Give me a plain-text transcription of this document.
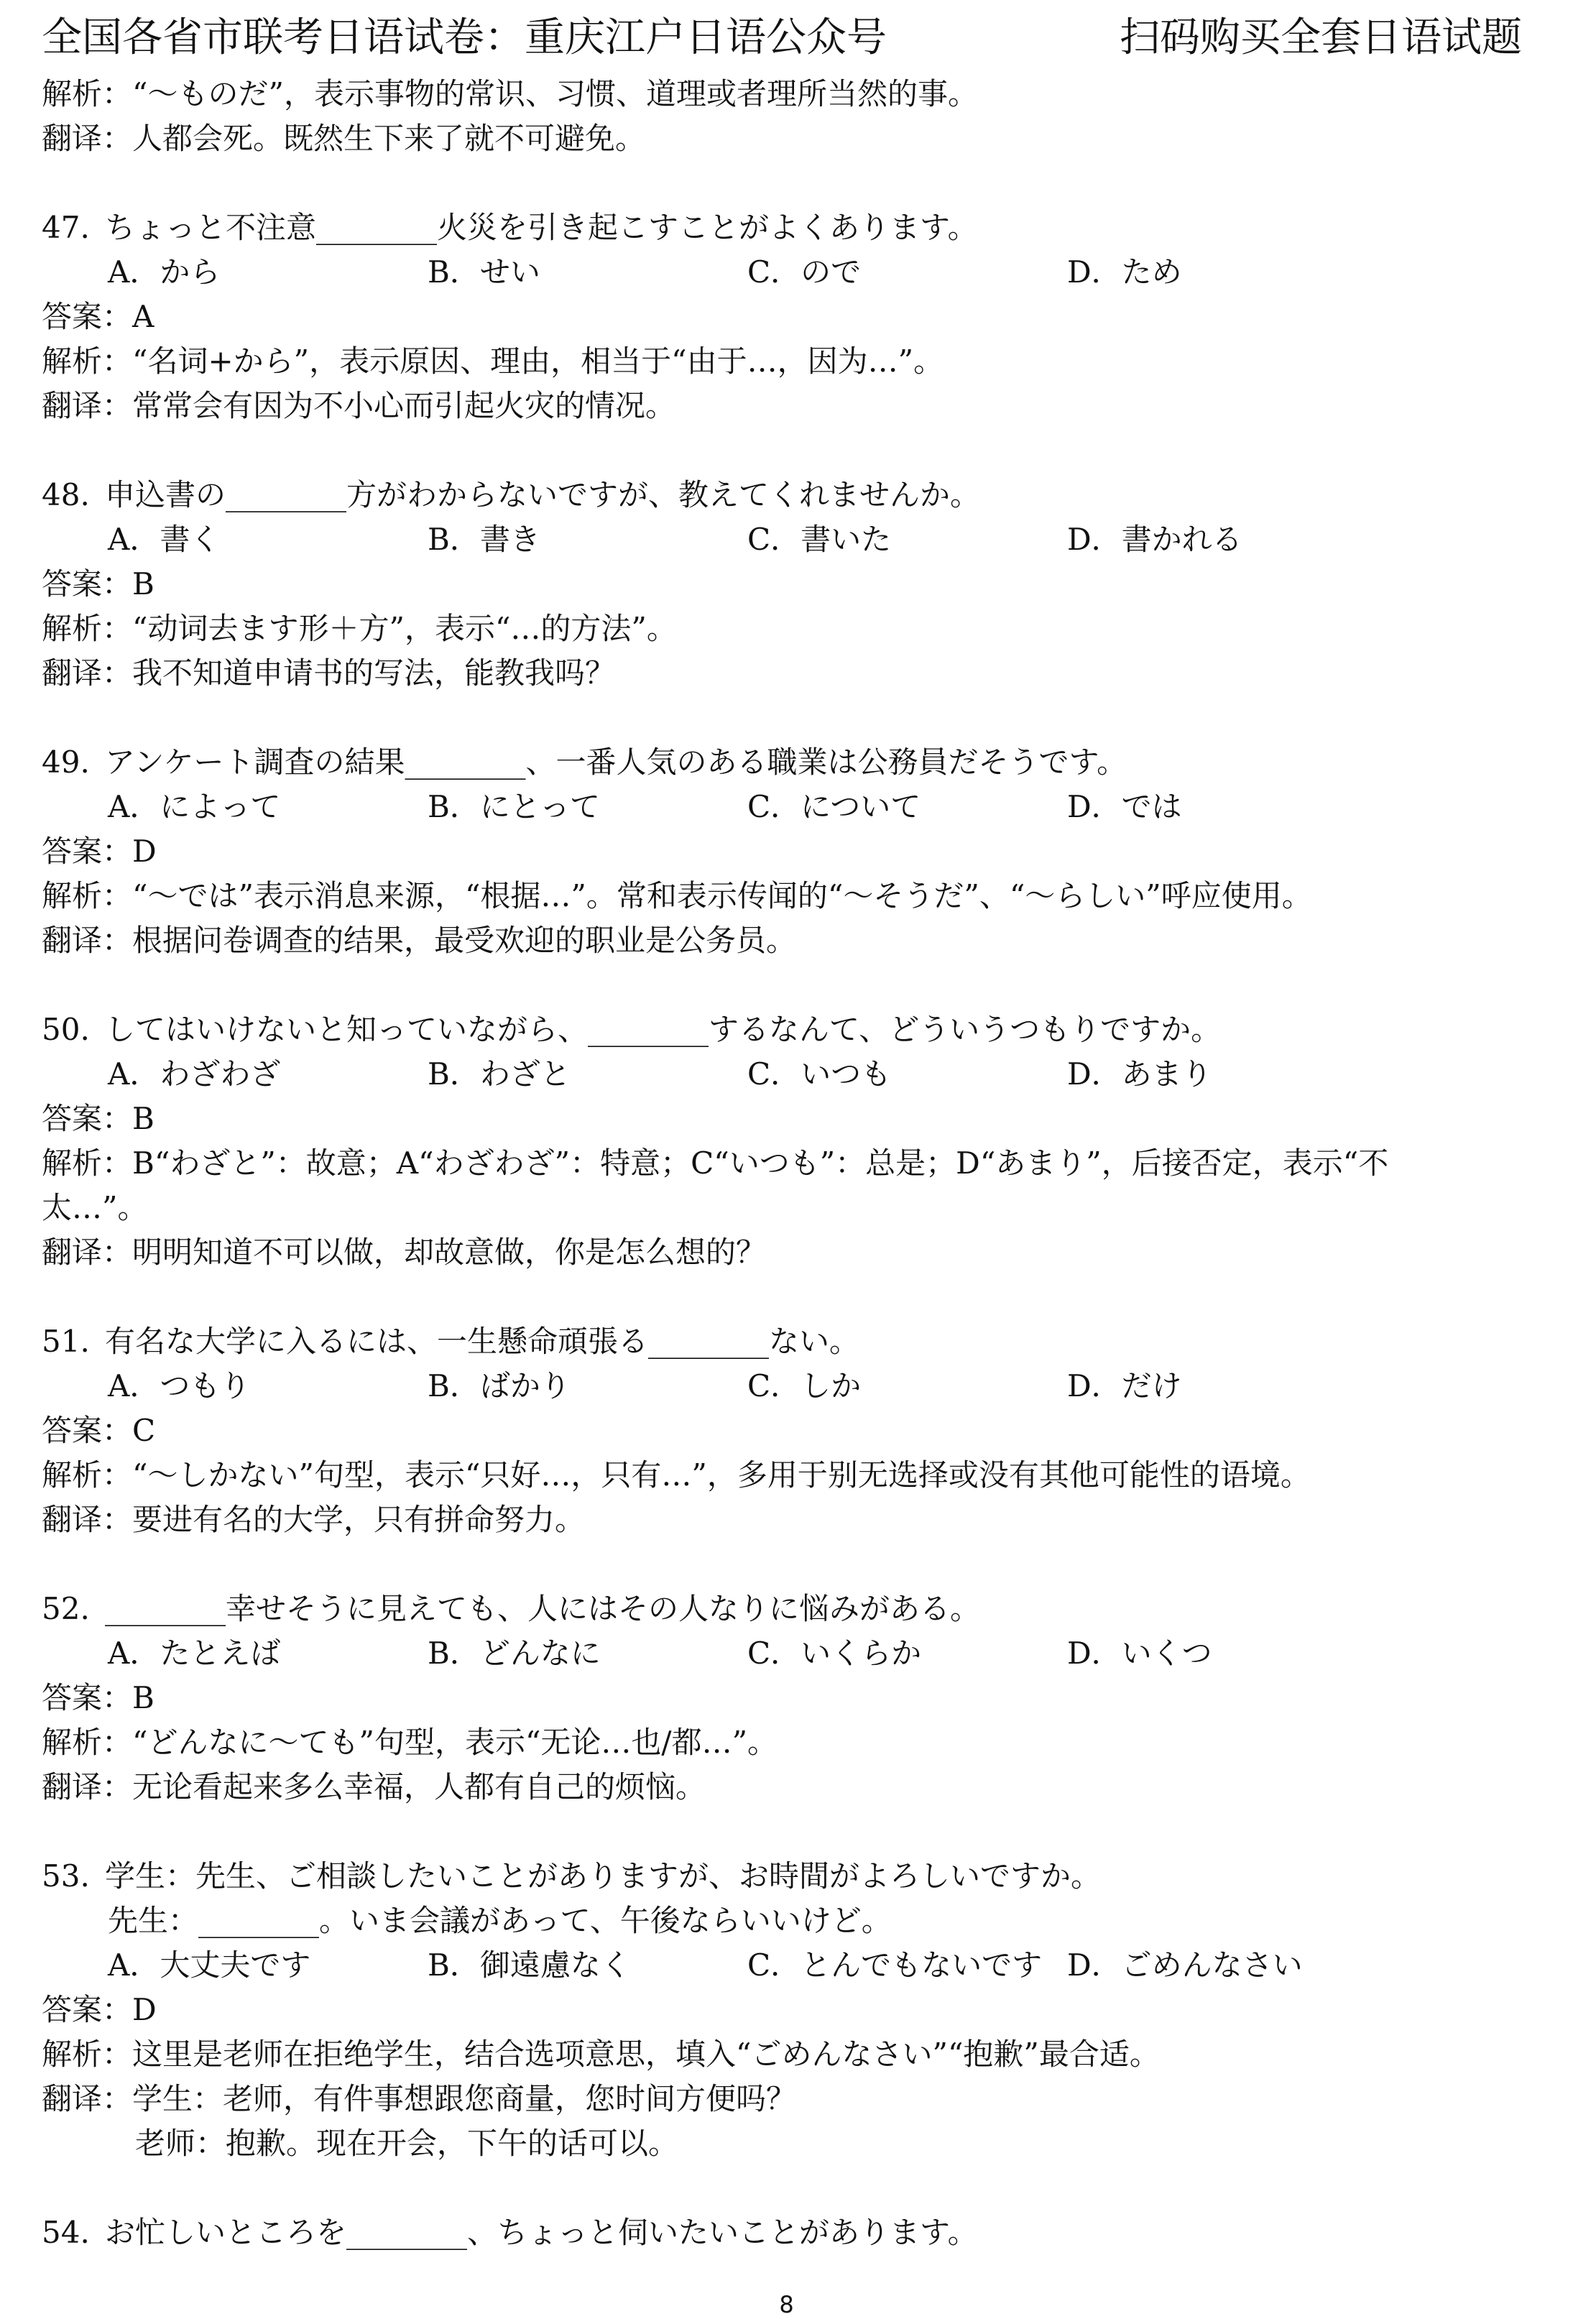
全国各省市联考日语试卷：重庆江户日语公众号	扫码购买全套日语试题
解析：“～ものだ”，表示事物的常识、习惯、道理或者理所当然的事。
翻译：人都会死。既然生下来了就不可避免。
47. ちょっと不注意________火災を引き起こすことがよくあります。
A．から	B．せい	C．ので	D．ため
答案：A
解析：“名词+から”，表示原因、理由，相当于“由于…，因为…”。
翻译：常常会有因为不小心而引起火灾的情况。
48. 申込書の________方がわからないですが、教えてくれませんか。
A．書く	B．書き	C．書いた	D．書かれる
答案：B
解析：“动词去ます形＋方”，表示“…的方法”。
翻译：我不知道申请书的写法，能教我吗？
49. アンケート調査の結果________、一番人気のある職業は公務員だそうです。
A．によって	B．にとって	C．について	D．では
答案：D
解析：“～では”表示消息来源，“根据…”。常和表示传闻的“～そうだ”、“～らしい”呼应使用。
翻译：根据问卷调查的结果，最受欢迎的职业是公务员。
50. してはいけないと知っていながら、________するなんて、どういうつもりですか。
A．わざわざ	B．わざと	C．いつも	D．あまり
答案：B
解析：B“わざと”：故意；A“わざわざ”：特意；C“いつも”：总是；D“あまり”，后接否定，表示“不
太…”。
翻译：明明知道不可以做，却故意做，你是怎么想的？
51. 有名な大学に入るには、一生懸命頑張る________ない。
A．つもり	B．ばかり	C．しか	D．だけ
答案：C
解析：“～しかない”句型，表示“只好…，只有…”，多用于别无选择或没有其他可能性的语境。
翻译：要进有名的大学，只有拼命努力。
52. ________幸せそうに見えても、人にはその人なりに悩みがある。
A．たとえば	B．どんなに	C．いくらか	D．いくつ
答案：B
解析：“どんなに～ても”句型，表示“无论…也/都…”。
翻译：无论看起来多么幸福，人都有自己的烦恼。
53. 学生：先生、ご相談したいことがありますが、お時間がよろしいですか。
先生：________。いま会議があって、午後ならいいけど。
A．大丈夫です	B．御遠慮なく	C．とんでもないです D．ごめんなさい
答案：D
解析：这里是老师在拒绝学生，结合选项意思，填入“ごめんなさい”“抱歉”最合适。
翻译：学生：老师，有件事想跟您商量，您时间方便吗？
老师：抱歉。现在开会，下午的话可以。
54. お忙しいところを________、ちょっと伺いたいことがあります。
8
